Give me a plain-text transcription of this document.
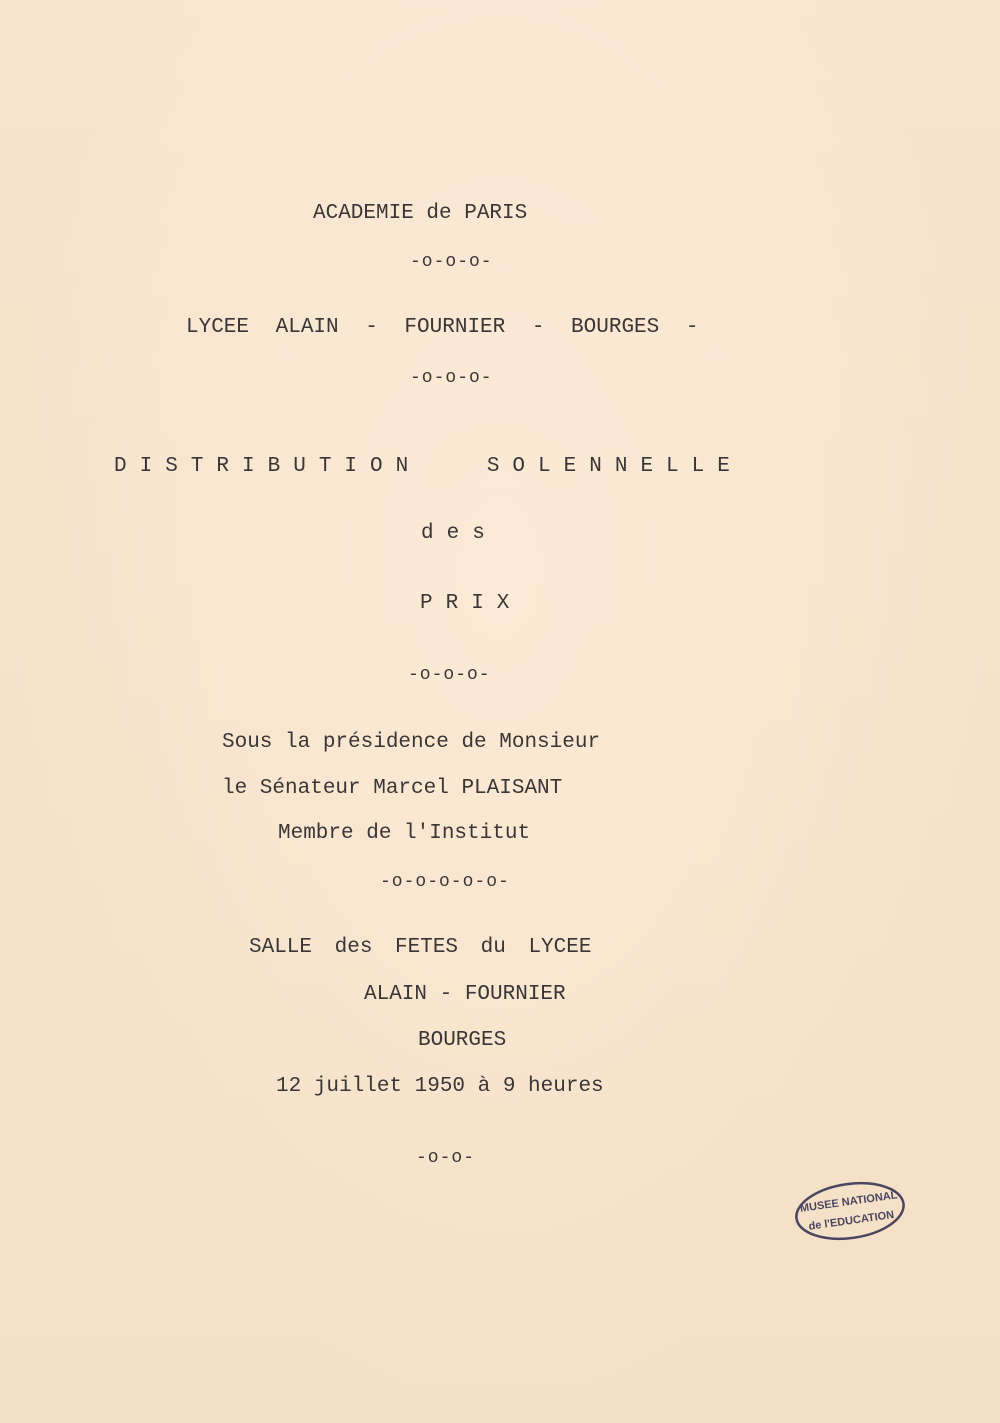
ACADEMIE de PARIS
-o-o-o-
LYCEE ALAIN - FOURNIER - BOURGES -
-o-o-o-
DISTRIBUTION SOLENNELLE
des
PRIX
-o-o-o-
Sous la présidence de Monsieur
le Sénateur Marcel PLAISANT
Membre de l'Institut
-o-o-o-o-o-
SALLE des FETES du LYCEE
ALAIN - FOURNIER
BOURGES
12 juillet 1950 à 9 heures
-o-o-
MUSEE NATIONAL
de l'EDUCATION
